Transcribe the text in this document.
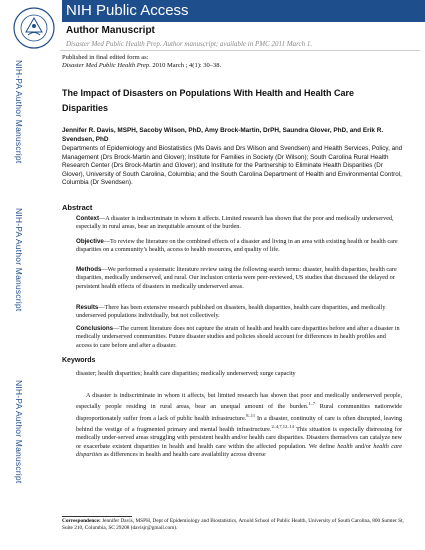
NIH Public Access
Author Manuscript
Disaster Med Public Health Prep. Author manuscript; available in PMC 2011 March 1.
NIH-PA Author Manuscript
NIH-PA Author Manuscript
NIH-PA Author Manuscript
Published in final edited form as:
Disaster Med Public Health Prep. 2010 March ; 4(1): 30–38.
The Impact of Disasters on Populations With Health and Health Care Disparities
Jennifer R. Davis, MSPH, Sacoby Wilson, PhD, Amy Brock-Martin, DrPH, Saundra Glover, PhD, and Erik R. Svendsen, PhD
Departments of Epidemiology and Biostatistics (Ms Davis and Drs Wilson and Svendsen) and Health Services, Policy, and Management (Drs Brock-Martin and Glover); Institute for Families in Society (Dr Wilson); South Carolina Rural Health Research Center (Drs Brock-Martin and Glover); and Institute for the Partnership to Eliminate Health Disparities (Dr Glover), University of South Carolina, Columbia; and the South Carolina Department of Health and Environmental Control, Columbia (Dr Svendsen).
Abstract
Context—A disaster is indiscriminate in whom it affects. Limited research has shown that the poor and medically underserved, especially in rural areas, bear an inequitable amount of the burden.
Objective—To review the literature on the combined effects of a disaster and living in an area with existing health or health care disparities on a community’s health, access to health resources, and quality of life.
Methods—We performed a systematic literature review using the following search terms: disaster, health disparities, health care disparities, medically underserved, and rural. Our inclusion criteria were peer-reviewed, US studies that discussed the delayed or persistent health effects of disasters in medically underserved areas.
Results—There has been extensive research published on disasters, health disparities, health care disparities, and medically underserved populations individually, but not collectively.
Conclusions—The current literature does not capture the strain of health and health care disparities before and after a disaster in medically underserved communities. Future disaster studies and policies should account for differences in health profiles and access to care before and after a disaster.
Keywords
disaster; health disparities; health care disparities; medically underserved; surge capacity
A disaster is indiscriminate in whom it affects, but limited research has shown that poor and medically underserved people, especially people residing in rural areas, bear an unequal amount of the burden.$^{1-7}$ Rural communities nationwide disproportionately suffer from a lack of public health infrastructure.$^{8-11}$ In a disaster, continuity of care is often disrupted, leaving behind the vestige of a fragmented primary and mental health infrastructure.$^{2-4,7,12-14}$ This situation is especially distressing for medically under-served areas struggling with persistent health and/or health care disparities. Disasters themselves can catalyze new or exacerbate existent disparities in health and health care within the affected population. We define health and/or health care disparities as differences in health and health care availability across diverse
Correspondence: Jennifer Davis, MSPH, Dept of Epidemiology and Biostatistics, Arnold School of Public Health, University of South Carolina, 800 Sumter St, Suite 210, Columbia, SC 29208 (davisjr@gmail.com).
